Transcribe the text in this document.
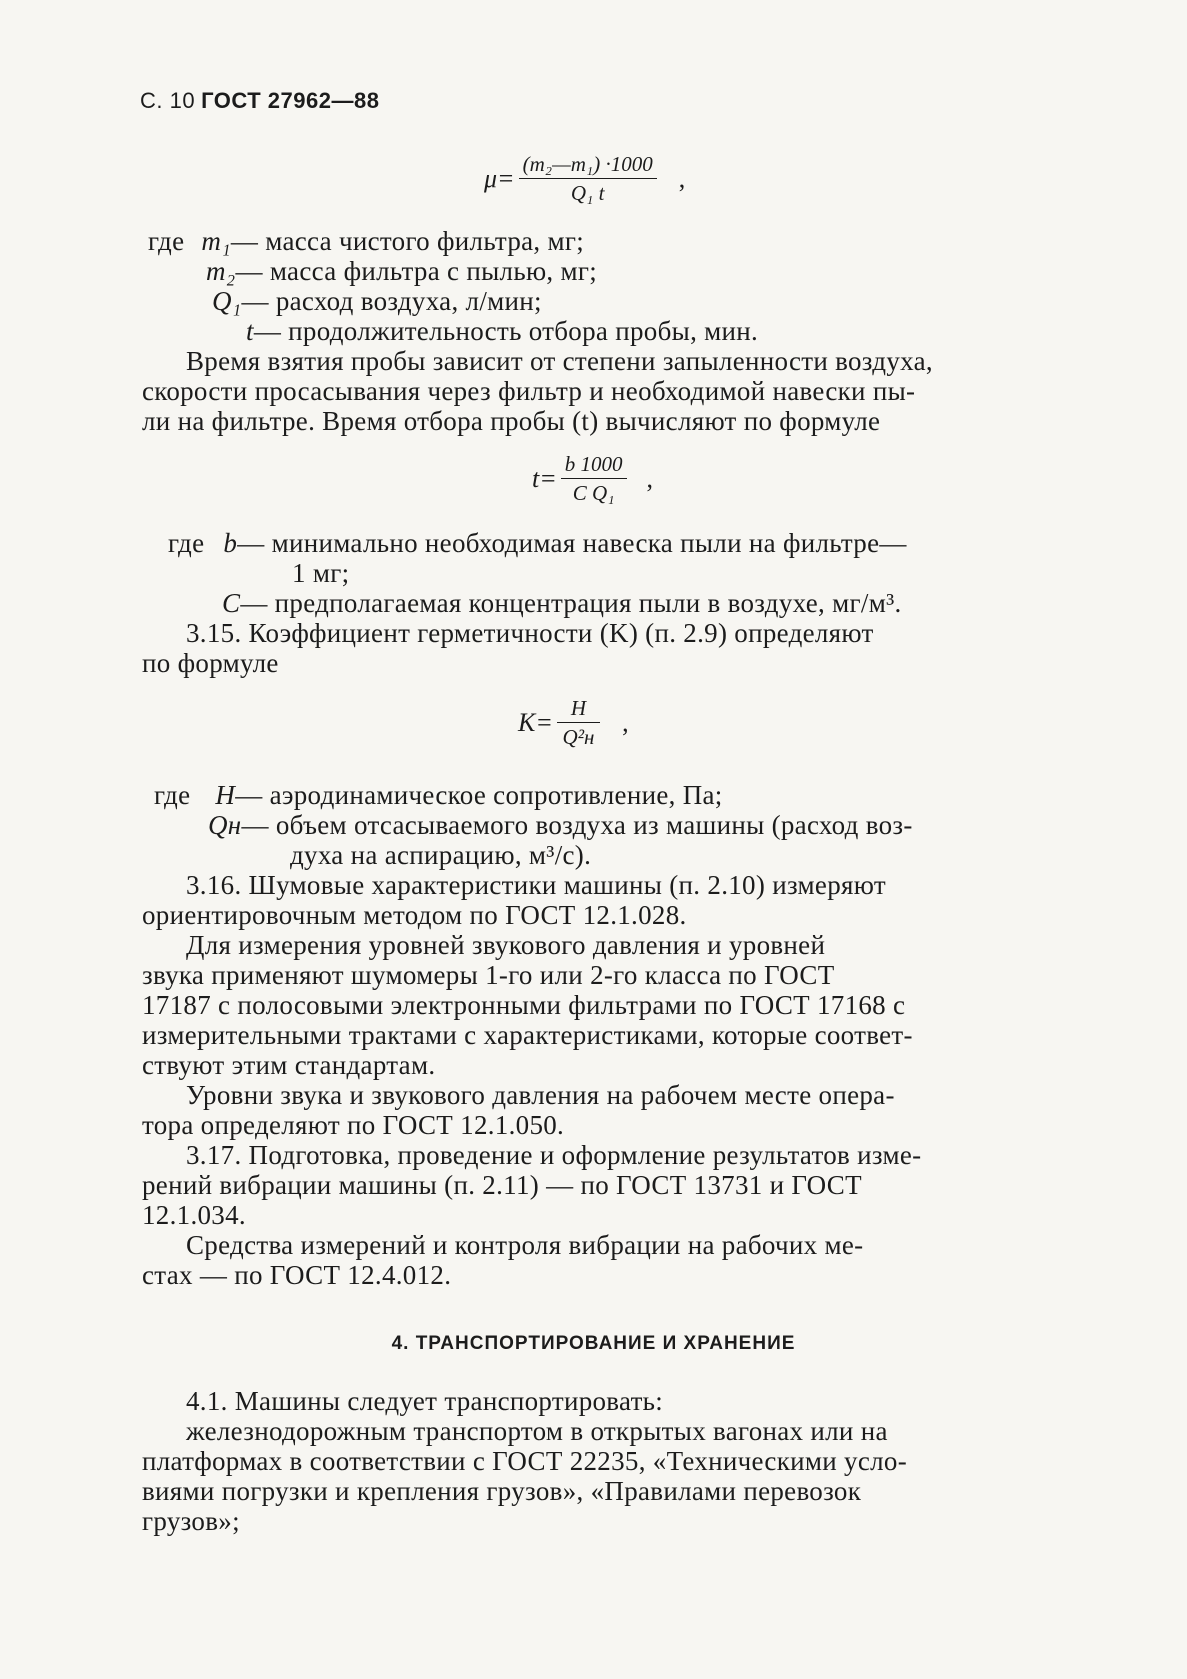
С. 10 ГОСТ 27962—88
$\mu= \frac{\text{(m₂—m₁) ·1000}}{\text{Q₁ t}}$ ,
где m₁— масса чистого фильтра, мг;
m₂— масса фильтра с пылью, мг;
Q₁— расход воздуха, л/мин;
t— продолжительность отбора пробы, мин.
Время взятия пробы зависит от степени запыленности воздуха,
скорости просасывания через фильтр и необходимой навески пы-
ли на фильтре. Время отбора пробы (t) вычисляют по формуле
$t= \frac{b 1000}{\text{C Q₁}}$ ,
где b— минимально необходимая навеска пыли на фильтре—
1 мг;
C— предполагаемая концентрация пыли в воздухе, мг/м³.
3.15. Коэффициент герметичности (K) (п. 2.9) определяют
по формуле
$K= \frac{H}{\text{Q²н}}$ ,
где H— аэродинамическое сопротивление, Па;
Qн— объем отсасываемого воздуха из машины (расход воз-
духа на аспирацию, м³/с).
3.16. Шумовые характеристики машины (п. 2.10) измеряют
ориентировочным методом по ГОСТ 12.1.028.
Для измерения уровней звукового давления и уровней
звука применяют шумомеры 1-го или 2-го класса по ГОСТ
17187 с полосовыми электронными фильтрами по ГОСТ 17168 с
измерительными трактами с характеристиками, которые соответ-
ствуют этим стандартам.
Уровни звука и звукового давления на рабочем месте опера-
тора определяют по ГОСТ 12.1.050.
3.17. Подготовка, проведение и оформление результатов изме-
рений вибрации машины (п. 2.11) — по ГОСТ 13731 и ГОСТ
12.1.034.
Средства измерений и контроля вибрации на рабочих ме-
стах — по ГОСТ 12.4.012.
4. ТРАНСПОРТИРОВАНИЕ И ХРАНЕНИЕ
4.1. Машины следует транспортировать:
железнодорожным транспортом в открытых вагонах или на
платформах в соответствии с ГОСТ 22235, «Техническими усло-
виями погрузки и крепления грузов», «Правилами перевозок
грузов»;
